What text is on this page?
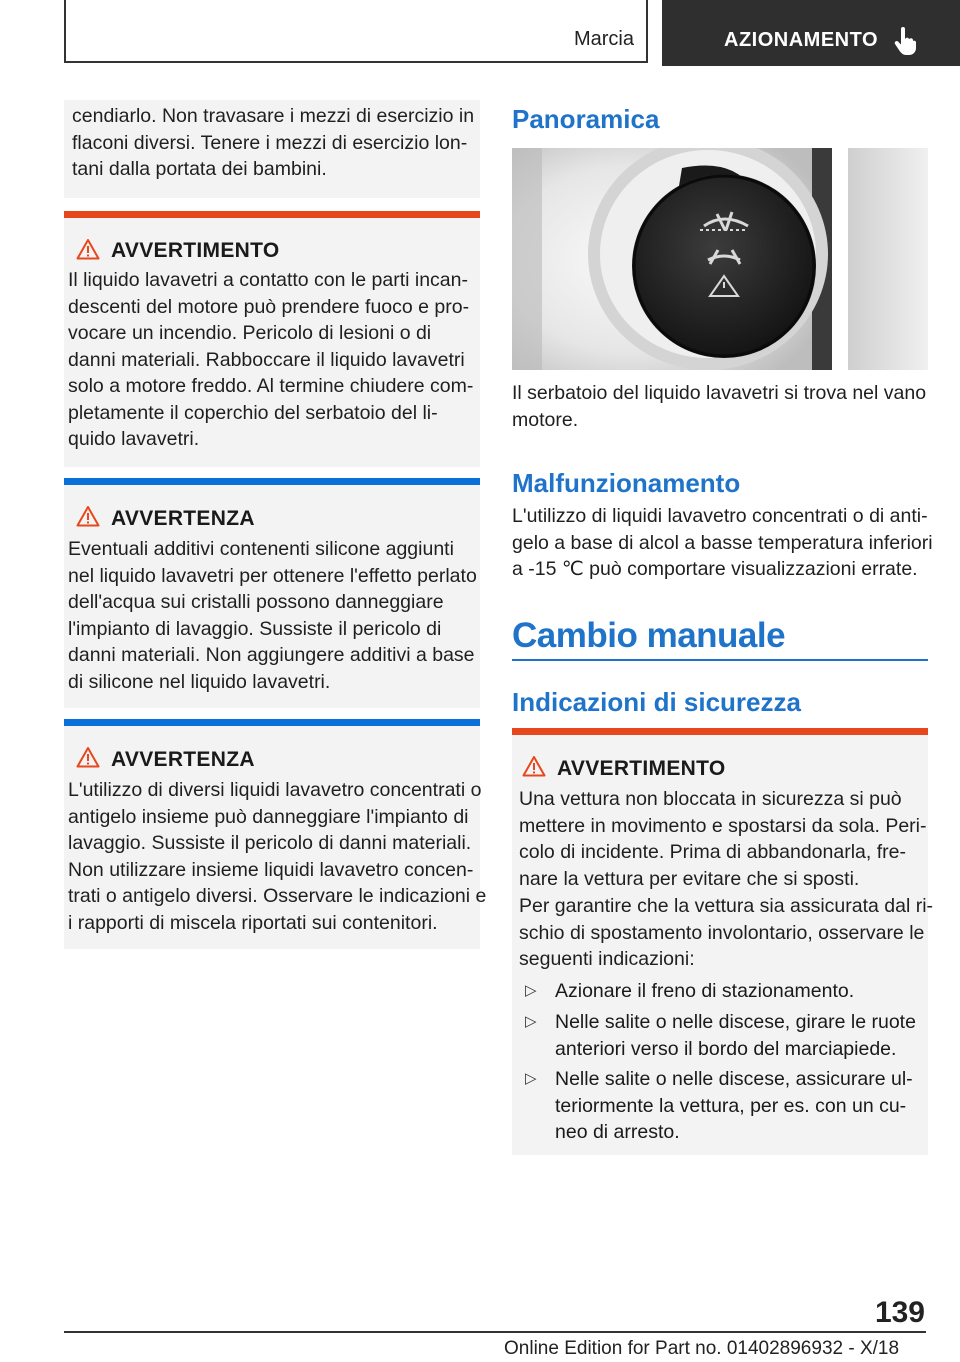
Marcia	AZIONAMENTO
cendiarlo. Non travasare i mezzi di esercizio in
flaconi diversi. Tenere i mezzi di esercizio lon-
tani dalla portata dei bambini.
AVVERTIMENTO
Il liquido lavavetri a contatto con le parti incan-
descenti del motore può prendere fuoco e pro-
vocare un incendio. Pericolo di lesioni o di
danni materiali. Rabboccare il liquido lavavetri
solo a motore freddo. Al termine chiudere com-
pletamente il coperchio del serbatoio del li-
quido lavavetri.
AVVERTENZA
Eventuali additivi contenenti silicone aggiunti
nel liquido lavavetri per ottenere l'effetto perlato
dell'acqua sui cristalli possono danneggiare
l'impianto di lavaggio. Sussiste il pericolo di
danni materiali. Non aggiungere additivi a base
di silicone nel liquido lavavetri.
AVVERTENZA
L'utilizzo di diversi liquidi lavavetro concentrati o
antigelo insieme può danneggiare l'impianto di
lavaggio. Sussiste il pericolo di danni materiali.
Non utilizzare insieme liquidi lavavetro concen-
trati o antigelo diversi. Osservare le indicazioni e
i rapporti di miscela riportati sui contenitori.
Panoramica
Il serbatoio del liquido lavavetri si trova nel vano
motore.
Malfunzionamento
L'utilizzo di liquidi lavavetro concentrati o di anti-
gelo a base di alcol a basse temperatura inferiori
a -15 ℃ può comportare visualizzazioni errate.
Cambio manuale
Indicazioni di sicurezza
AVVERTIMENTO
Una vettura non bloccata in sicurezza si può
mettere in movimento e spostarsi da sola. Peri-
colo di incidente. Prima di abbandonarla, fre-
nare la vettura per evitare che si sposti.
Per garantire che la vettura sia assicurata dal ri-
schio di spostamento involontario, osservare le
seguenti indicazioni:
▷ Azionare il freno di stazionamento.
▷ Nelle salite o nelle discese, girare le ruote
anteriori verso il bordo del marciapiede.
▷ Nelle salite o nelle discese, assicurare ul-
teriormente la vettura, per es. con un cu-
neo di arresto.
139
Online Edition for Part no. 01402896932 - X/18
